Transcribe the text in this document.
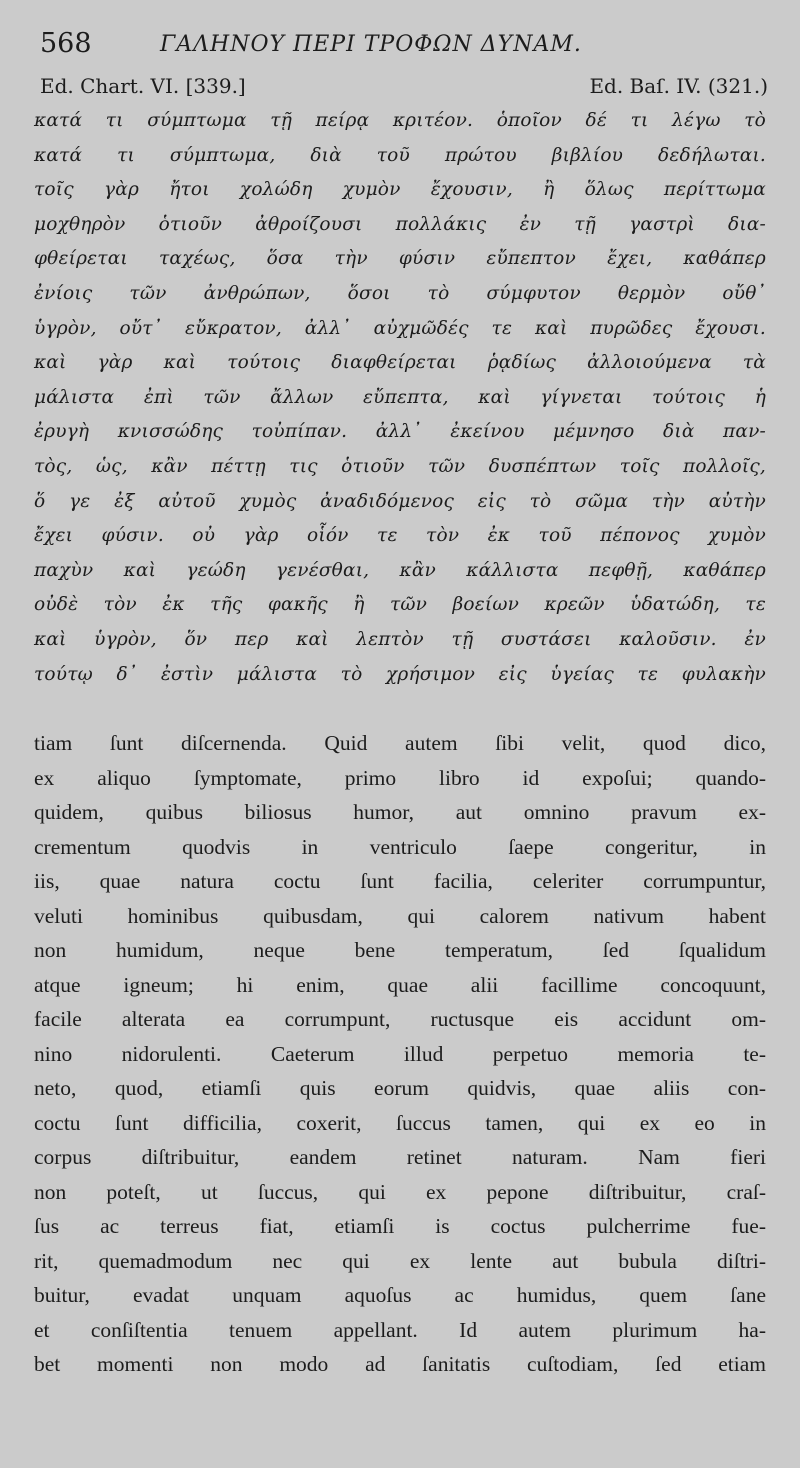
568	ΓΑΛΗΝΟΥ ΠΕΡΙ ΤΡΟΦΩΝ ΔΥΝΑΜ.
Ed. Chart. VI. [339.]	Ed. Baſ. IV. (321.)
κατά τι σύμπτωμα τῇ πείρᾳ κριτέον. ὁποῖον δέ τι λέγω τὸ
κατά τι σύμπτωμα, διὰ τοῦ πρώτου βιβλίου δεδήλωται.
τοῖς γὰρ ἤτοι χολώδη χυμὸν ἔχουσιν, ἢ ὅλως περίττωμα
μοχθηρὸν ὁτιοῦν ἀθροίζουσι πολλάκις ἐν τῇ γαστρὶ δια-
φθείρεται ταχέως, ὅσα τὴν φύσιν εὔπεπτον ἔχει, καθάπερ
ἐνίοις τῶν ἀνθρώπων, ὅσοι τὸ σύμφυτον θερμὸν οὔθ᾽
ὑγρὸν, οὔτ᾽ εὔκρατον, ἀλλ᾽ αὐχμῶδές τε καὶ πυρῶδες ἔχουσι.
καὶ γὰρ καὶ τούτοις διαφθείρεται ῥᾳδίως ἀλλοιούμενα τὰ
μάλιστα ἐπὶ τῶν ἄλλων εὔπεπτα, καὶ γίγνεται τούτοις ἡ
ἐρυγὴ κνισσώδης τοὐπίπαν. ἀλλ᾽ ἐκείνου μέμνησο διὰ παν-
τὸς, ὡς, κἂν πέττῃ τις ὁτιοῦν τῶν δυσπέπτων τοῖς πολλοῖς,
ὅ γε ἐξ αὐτοῦ χυμὸς ἀναδιδόμενος εἰς τὸ σῶμα τὴν αὐτὴν
ἔχει φύσιν. οὐ γὰρ οἷόν τε τὸν ἐκ τοῦ πέπονος χυμὸν
παχὺν καὶ γεώδη γενέσθαι, κἂν κάλλιστα πεφθῇ, καθάπερ
οὐδὲ τὸν ἐκ τῆς φακῆς ἢ τῶν βοείων κρεῶν ὑδατώδη, τε
καὶ ὑγρὸν, ὅν περ καὶ λεπτὸν τῇ συστάσει καλοῦσιν. ἐν
τούτῳ δ᾽ ἐστὶν μάλιστα τὸ χρήσιμον εἰς ὑγείας τε φυλακὴν
tiam ſunt diſcernenda. Quid autem ſibi velit, quod dico,
ex aliquo ſymptomate, primo libro id expoſui; quando-
quidem, quibus biliosus humor, aut omnino pravum ex-
crementum quodvis in ventriculo ſaepe congeritur, in
iis, quae natura coctu ſunt facilia, celeriter corrumpuntur,
veluti hominibus quibusdam, qui calorem nativum habent
non humidum, neque bene temperatum, ſed ſqualidum
atque igneum; hi enim, quae alii facillime concoquunt,
facile alterata ea corrumpunt, ructusque eis accidunt om-
nino nidorulenti. Caeterum illud perpetuo memoria te-
neto, quod, etiamſi quis eorum quidvis, quae aliis con-
coctu ſunt difficilia, coxerit, ſuccus tamen, qui ex eo in
corpus diſtribuitur, eandem retinet naturam. Nam fieri
non poteſt, ut ſuccus, qui ex pepone diſtribuitur, craſ-
ſus ac terreus fiat, etiamſi is coctus pulcherrime fue-
rit, quemadmodum nec qui ex lente aut bubula diſtri-
buitur, evadat unquam aquoſus ac humidus, quem ſane
et conſiſtentia tenuem appellant. Id autem plurimum ha-
bet momenti non modo ad ſanitatis cuſtodiam, ſed etiam
